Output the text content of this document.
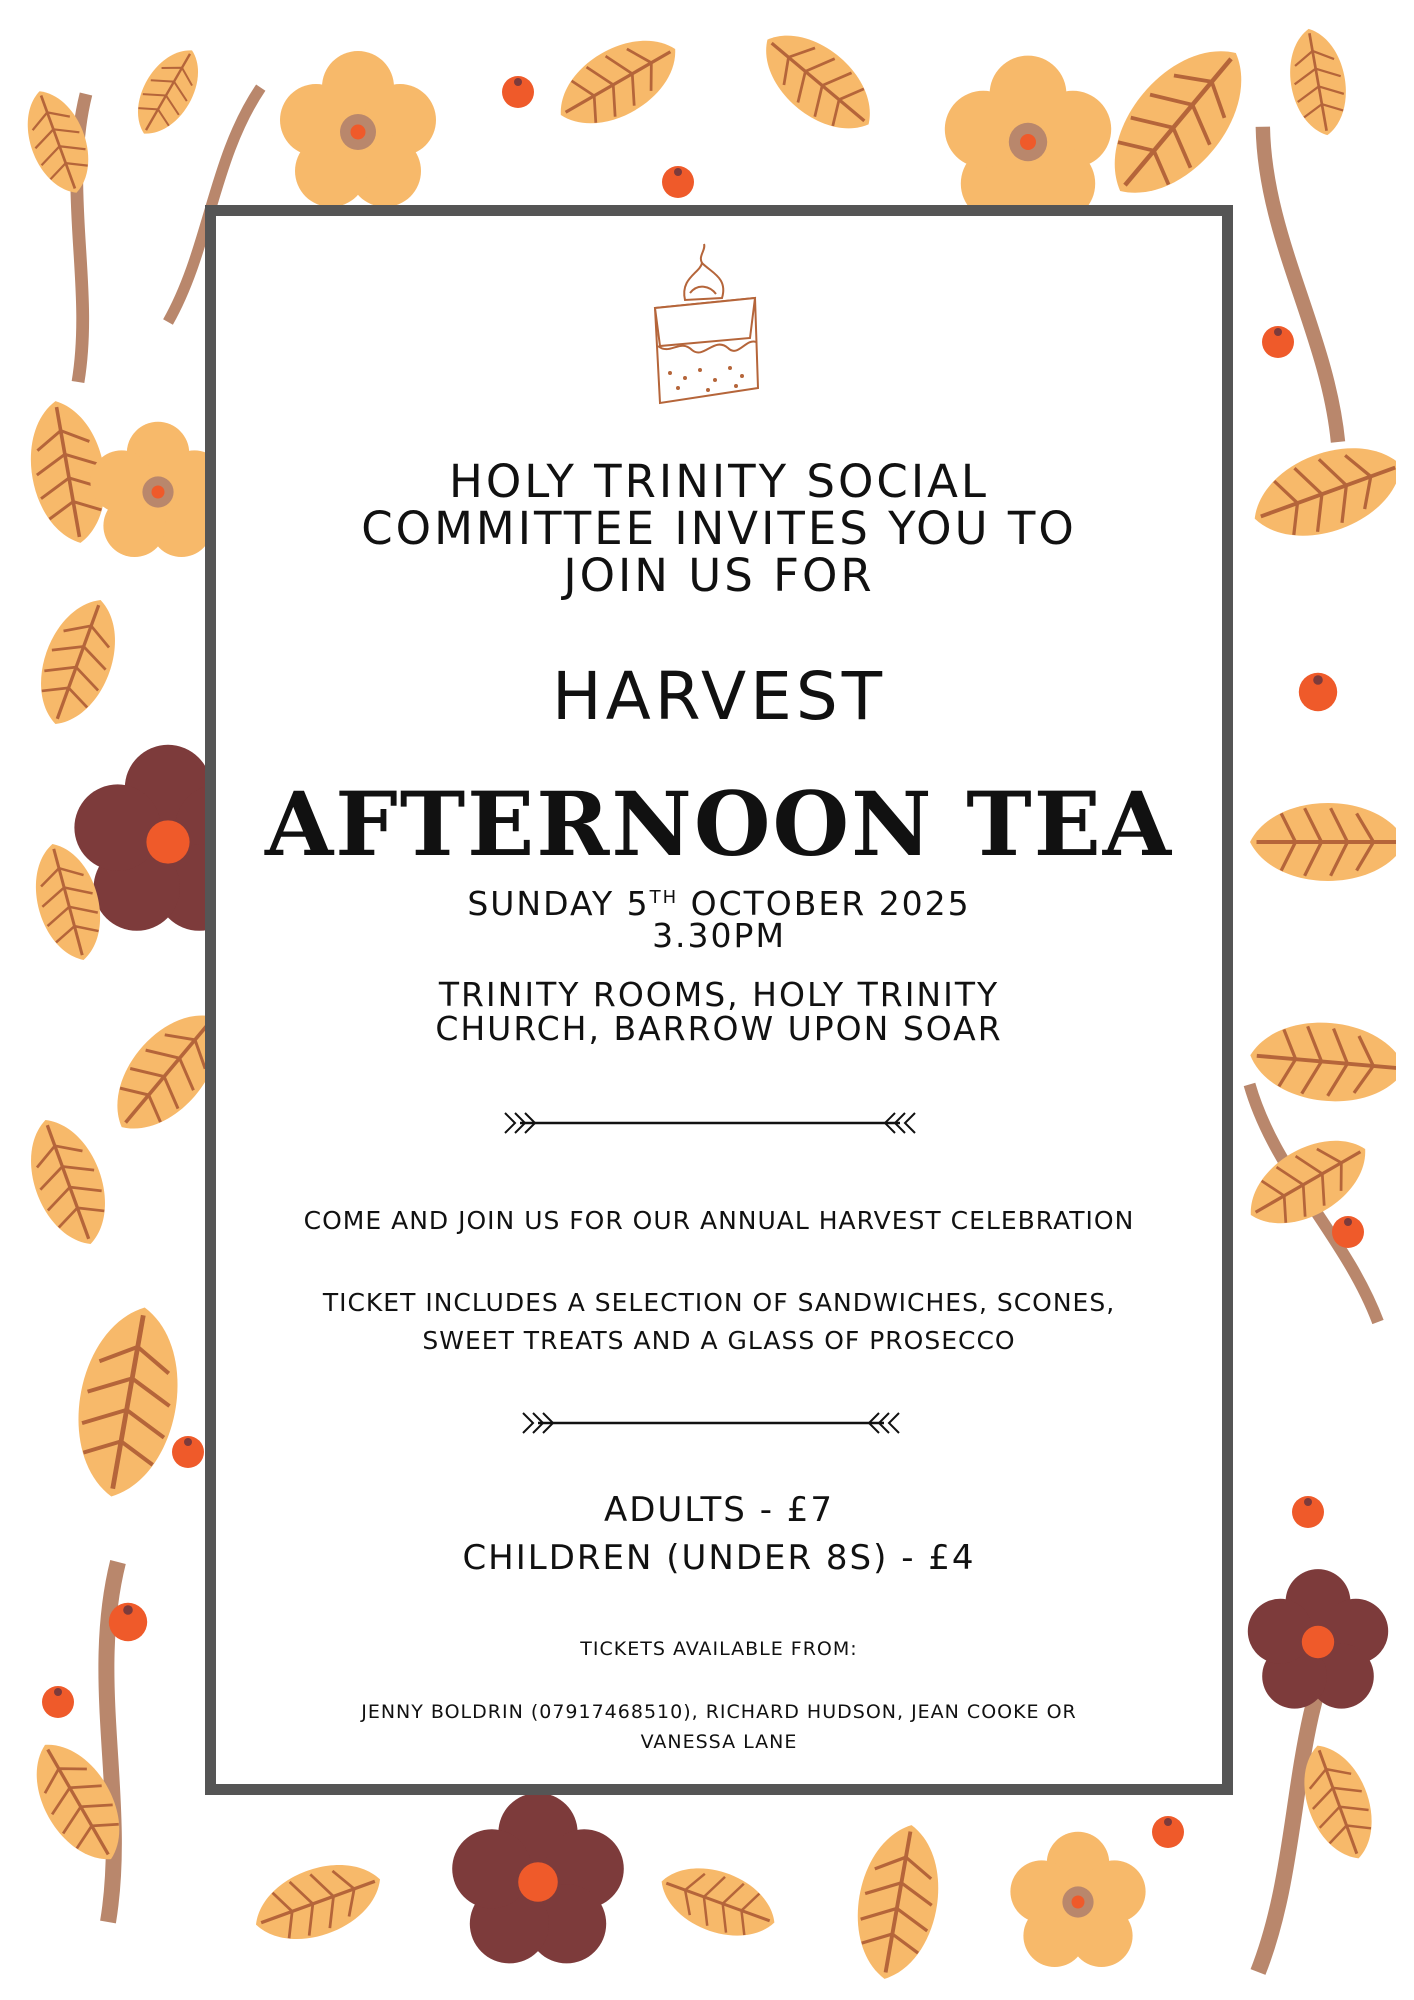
HOLY TRINITY SOCIAL
COMMITTEE INVITES YOU TO
JOIN US FOR
HARVEST
AFTERNOON TEA
SUNDAY 5TH OCTOBER 2025
3.30PM
TRINITY ROOMS, HOLY TRINITY
CHURCH, BARROW UPON SOAR
COME AND JOIN US FOR OUR ANNUAL HARVEST CELEBRATION
TICKET INCLUDES A SELECTION OF SANDWICHES, SCONES,
SWEET TREATS AND A GLASS OF PROSECCO
ADULTS - £7
CHILDREN (UNDER 8S) - £4
TICKETS AVAILABLE FROM:
JENNY BOLDRIN (07917468510), RICHARD HUDSON, JEAN COOKE OR
VANESSA LANE
